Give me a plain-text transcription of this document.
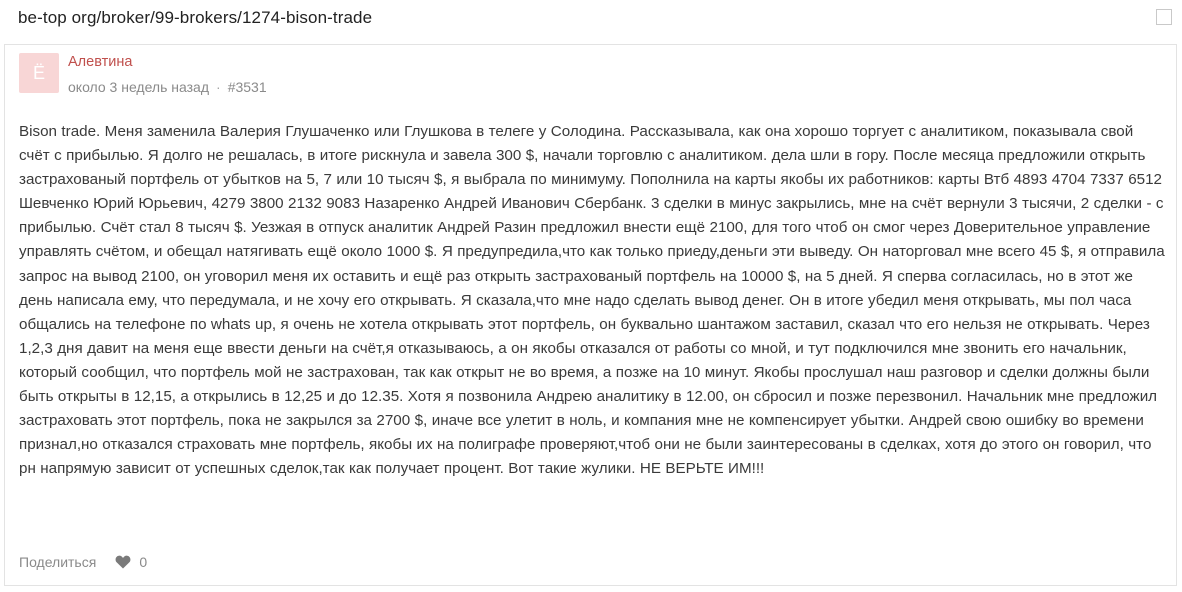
be-top org/broker/99-brokers/1274-bison-trade
Ё
Алевтина
около 3 недель назад · #3531
Bison trade. Меня заменила Валерия Глушаченко или Глушкова в телеге у Солодина. Рассказывала, как она хорошо торгует с аналитиком, показывала свой счёт с прибылью. Я долго не решалась, в итоге рискнула и завела 300 $, начали торговлю с аналитиком. дела шли в гору. После месяца предложили открыть застрахованый портфель от убытков на 5, 7 или 10 тысяч $, я выбрала по минимуму. Пополнила на карты якобы их работников: карты Втб 4893 4704 7337 6512 Шевченко Юрий Юрьевич, 4279 3800 2132 9083 Назаренко Андрей Иванович Сбербанк. 3 сделки в минус закрылись, мне на счёт вернули 3 тысячи, 2 сделки - с прибылью. Счёт стал 8 тысяч $. Уезжая в отпуск аналитик Андрей Разин предложил внести ещё 2100, для того чтоб он смог через Доверительное управление управлять счётом, и обещал натягивать ещё около 1000 $. Я предупредила,что как только приеду,деньги эти выведу. Он наторговал мне всего 45 $, я отправила запрос на вывод 2100, он уговорил меня их оставить и ещё раз открыть застрахованый портфель на 10000 $, на 5 дней. Я сперва согласилась, но в этот же день написала ему, что передумала, и не хочу его открывать. Я сказала,что мне надо сделать вывод денег. Он в итоге убедил меня открывать, мы пол часа общались на телефоне по whats up, я очень не хотела открывать этот портфель, он буквально шантажом заставил, сказал что его нельзя не открывать. Через 1,2,3 дня давит на меня еще ввести деньги на счёт,я отказываюсь, а он якобы отказался от работы со мной, и тут подключился мне звонить его начальник, который сообщил, что портфель мой не застрахован, так как открыт не во время, а позже на 10 минут. Якобы прослушал наш разговор и сделки должны были быть открыты в 12,15, а открылись в 12,25 и до 12.35. Хотя я позвонила Андрею аналитику в 12.00, он сбросил и позже перезвонил. Начальник мне предложил застраховать этот портфель, пока не закрылся за 2700 $, иначе все улетит в ноль, и компания мне не компенсирует убытки. Андрей свою ошибку во времени признал,но отказался страховать мне портфель, якобы их на полиграфе проверяют,чтоб они не были заинтересованы в сделках, хотя до этого он говорил, что рн напрямую зависит от успешных сделок,так как получает процент. Вот такие жулики. НЕ ВЕРЬТЕ ИМ!!!
Поделиться	0
